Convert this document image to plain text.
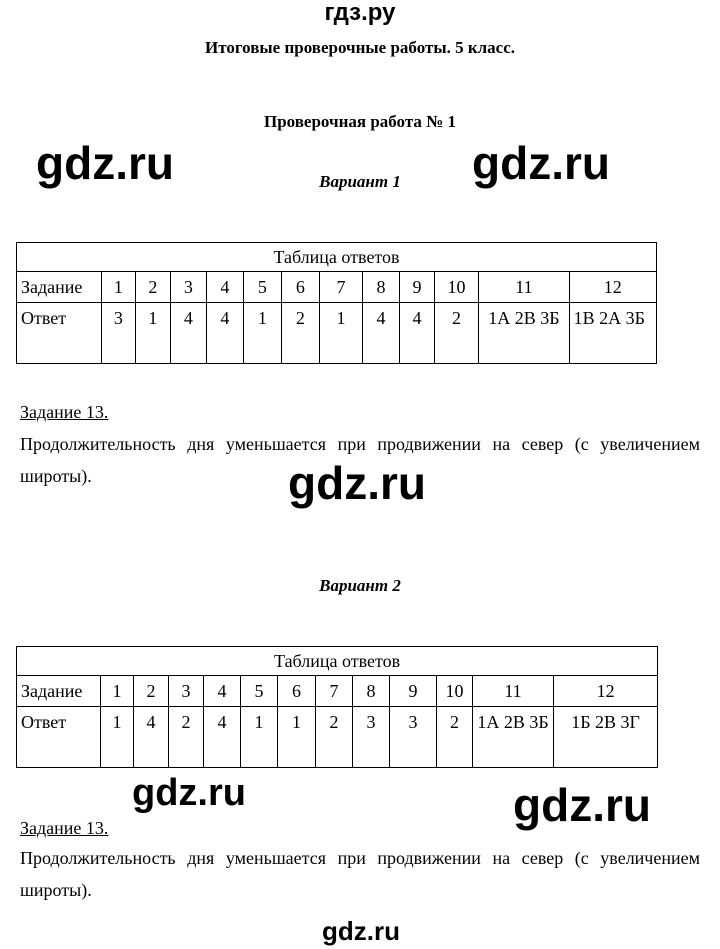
гдз.ру
Итоговые проверочные работы. 5 класс.
Проверочная работа № 1
gdz.ru	gdz.ru
Вариант 1
Таблица ответов												
Задание	1	2	3	4	5	6	7	8	9	10	11	12
Ответ	3	1	4	4	1	2	1	4	4	2	1А 2В 3Б	1В 2А 3Б
Задание 13.
Продолжительность дня уменьшается при продвижении на север (с увеличением широты).	gdz.ru
Вариант 2
Таблица ответов												
Задание	1	2	3	4	5	6	7	8	9	10	11	12
Ответ	1	4	2	4	1	1	2	3	3	2	1А 2В 3Б	1Б 2В 3Г
gdz.ru	gdz.ru
Задание 13.
Продолжительность дня уменьшается при продвижении на север (с увеличением широты).
gdz.ru
